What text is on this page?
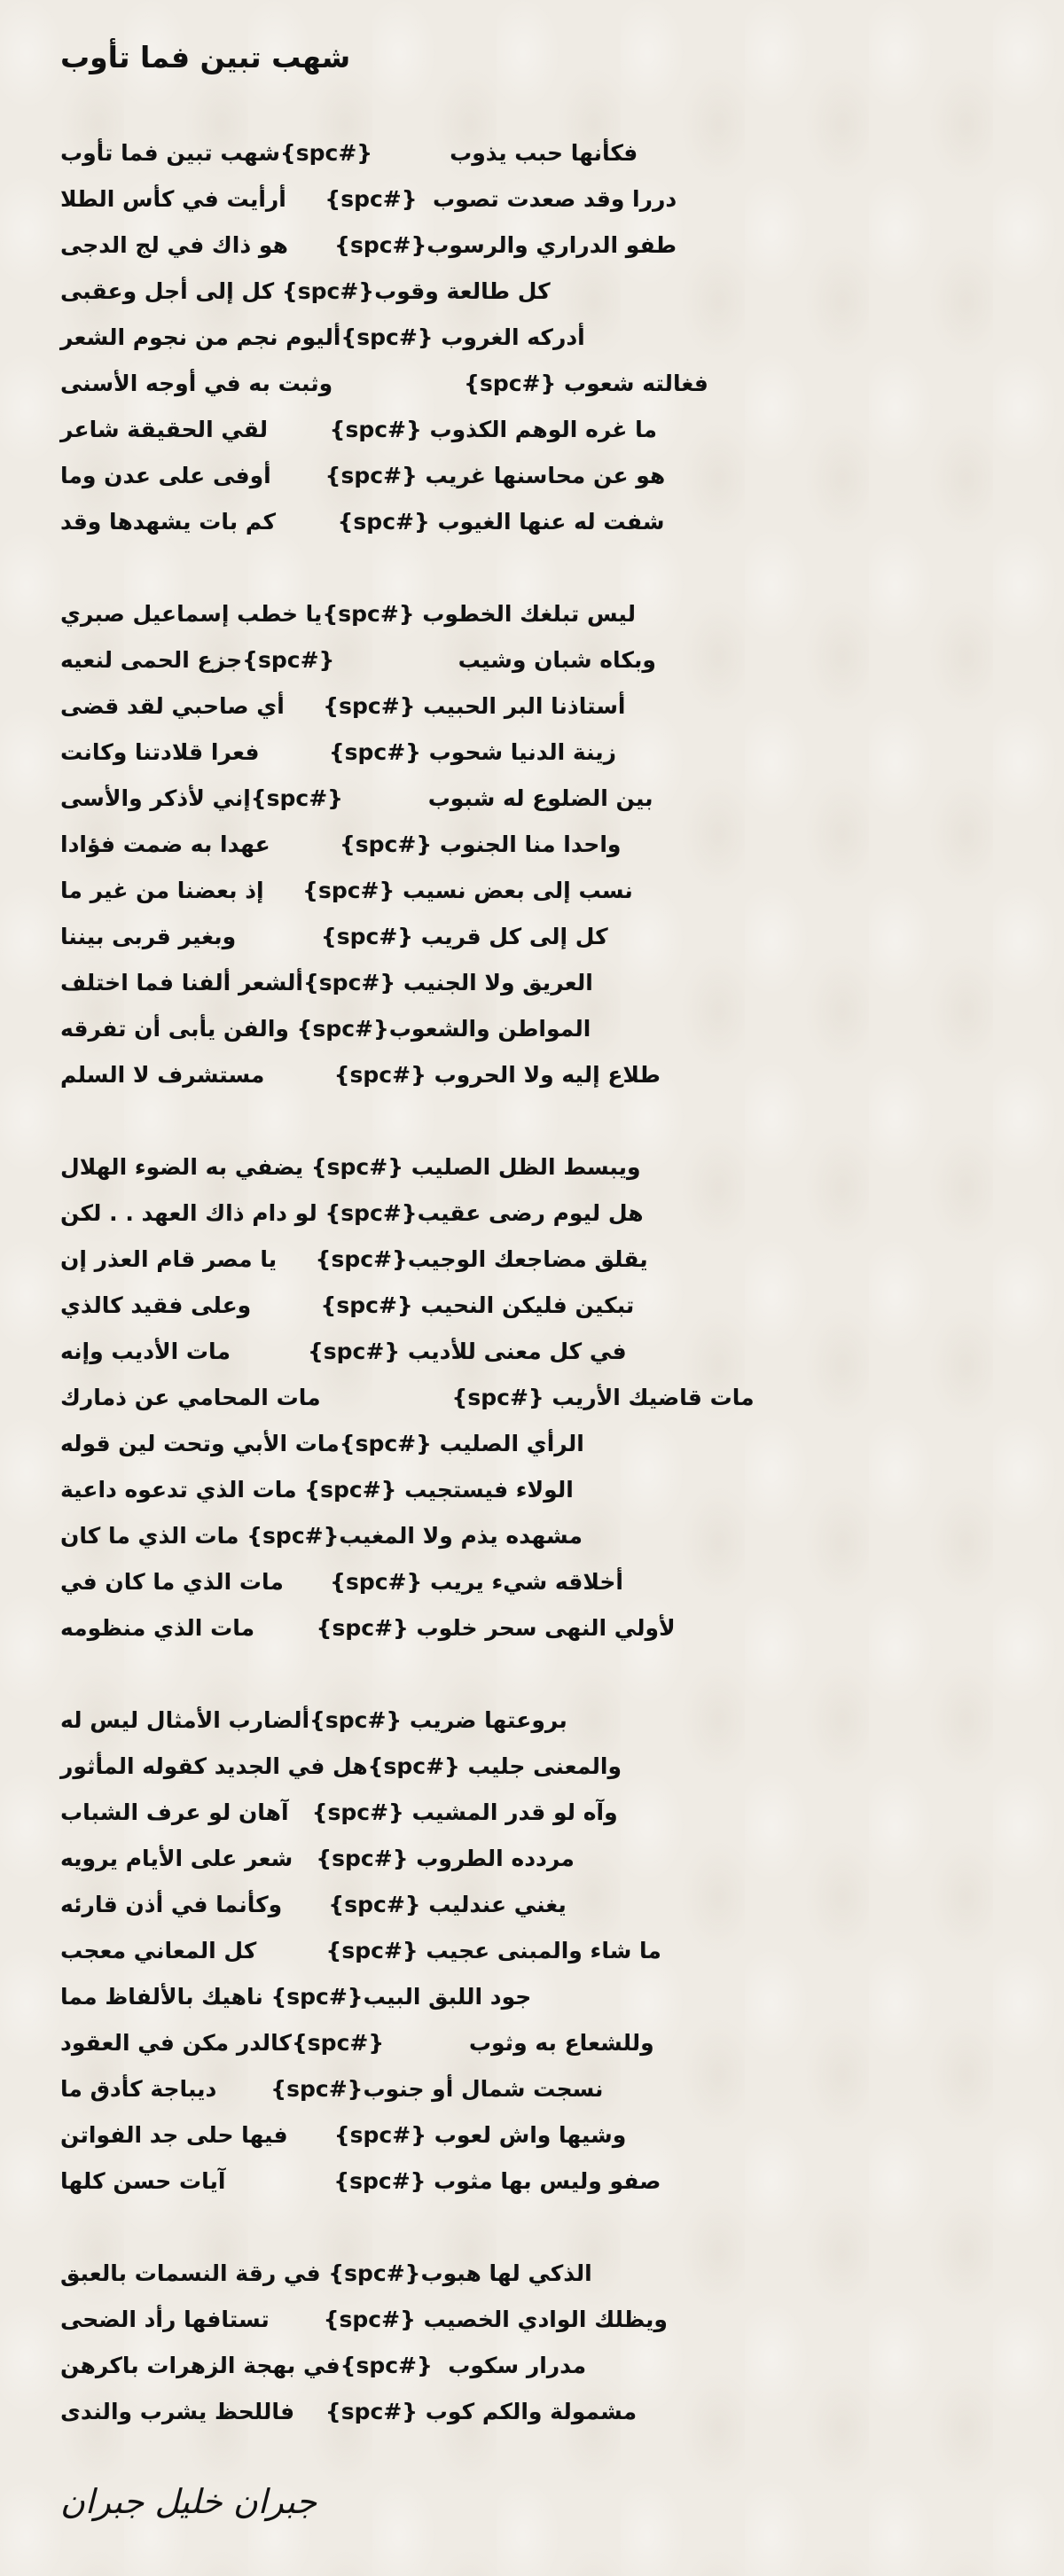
شهب تبين فما تأوب
فكأنها حبب يذوب          {#spc}شهب تبين فما تأوب
دررا وقد صعدت تصوب  {#spc}     أرأيت في كأس الطلا
طفو الدراري والرسوب{#spc}      هو ذاك في لج الدجى
كل طالعة وقوب{#spc} كل إلى أجل وعقبى
أدركه الغروب {#spc}أليوم نجم من نجوم الشعر
فغالته شعوب {#spc}                 وثبت به في أوجه الأسنى
ما غره الوهم الكذوب {#spc}        لقي الحقيقة شاعر
هو عن محاسنها غريب {#spc}       أوفى على عدن وما
شفت له عنها الغيوب {#spc}        كم بات يشهدها وقد
ليس تبلغك الخطوب {#spc}يا خطب إسماعيل صبري
وبكاه شبان وشيب                {#spc}جزع الحمى لنعيه
أستاذنا البر الحبيب {#spc}     أي صاحبي لقد قضى
زينة الدنيا شحوب {#spc}         فعرا قلادتنا وكانت
بين الضلوع له شبوب           {#spc}إني لأذكر والأسى
واحدا منا الجنوب {#spc}         عهدا به ضمت فؤادا
نسب إلى بعض نسيب {#spc}     إذ بعضنا من غير ما
كل إلى كل قريب {#spc}           وبغير قربى بيننا
العريق ولا الجنيب {#spc}ألشعر ألفنا فما اختلف
المواطن والشعوب{#spc} والفن يأبى أن تفرقه
طلاع إليه ولا الحروب {#spc}         مستشرف لا السلم
ويبسط الظل الصليب {#spc} يضفي به الضوء الهلال
هل ليوم رضى عقيب{#spc} لو دام ذاك العهد . . لكن
يقلق مضاجعك الوجيب{#spc}     يا مصر قام العذر إن
تبكين فليكن النحيب {#spc}         وعلى فقيد كالذي
في كل معنى للأديب {#spc}          مات الأديب وإنه
مات قاضيك الأريب {#spc}                 مات المحامي عن ذمارك
الرأي الصليب {#spc}مات الأبي وتحت لين قوله
الولاء فيستجيب {#spc} مات الذي تدعوه داعية
مشهده يذم ولا المغيب{#spc} مات الذي ما كان
أخلاقه شيء يريب {#spc}      مات الذي ما كان في
لأولي النهى سحر خلوب {#spc}        مات الذي منظومه
بروعتها ضريب {#spc}ألضارب الأمثال ليس له
والمعنى جليب {#spc}هل في الجديد كقوله المأثور
وآه لو قدر المشيب {#spc}   آهان لو عرف الشباب
مردده الطروب {#spc}   شعر على الأيام يرويه
يغني عندليب {#spc}      وكأنما في أذن قارئه
ما شاء والمبنى عجيب {#spc}         كل المعاني معجب
جود اللبق البيب{#spc} ناهيك بالألفاظ مما
وللشعاع به وثوب           {#spc}كالدر مكن في العقود
نسجت شمال أو جنوب{#spc}       ديباجة كأدق ما
وشيها واش لعوب {#spc}      فيها حلى جد الفواتن
صفو وليس بها مثوب {#spc}              آيات حسن كلها
الذكي لها هبوب{#spc} في رقة النسمات بالعبق
ويظلك الوادي الخصيب {#spc}       تستافها رأد الضحى
مدرار سكوب  {#spc}في بهجة الزهرات باكرهن
مشمولة والكم كوب {#spc}    فاللحظ يشرب والندى
جبران خليل جبران
